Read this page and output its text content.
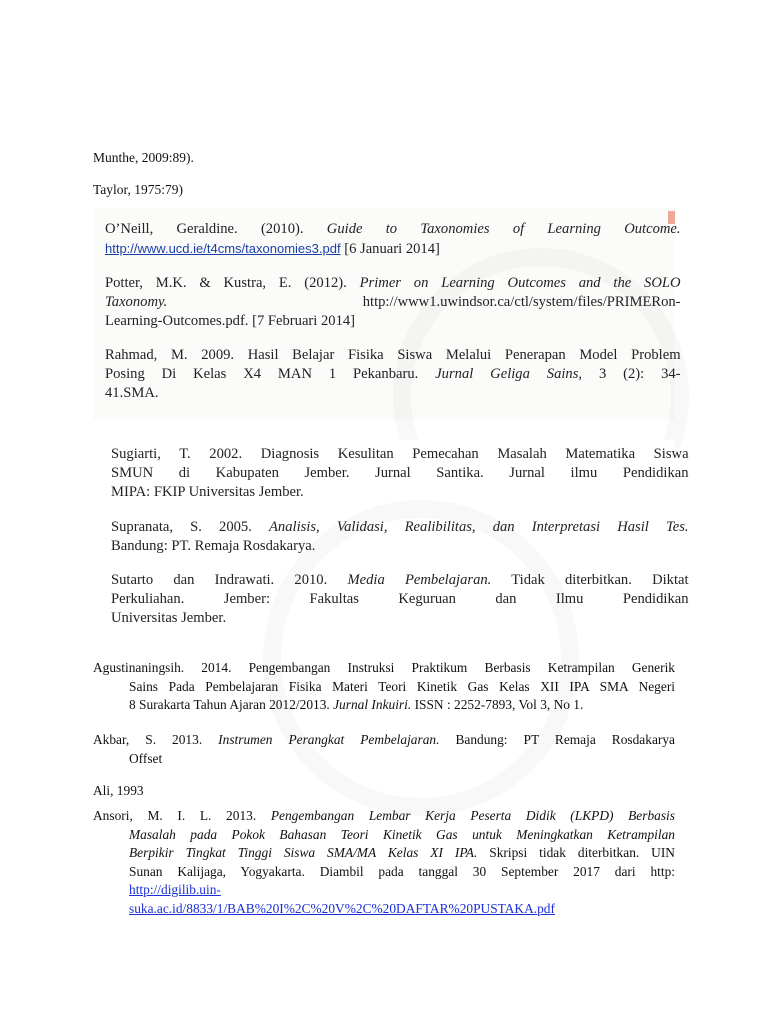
Munthe, 2009:89).
Taylor, 1975:79)
O’Neill, Geraldine. (2010). Guide to Taxonomies of Learning Outcome.
http://www.ucd.ie/t4cms/taxonomies3.pdf [6 Januari 2014]
Potter, M.K. & Kustra, E. (2012). Primer on Learning Outcomes and the SOLO
Taxonomy.	http://www1.uwindsor.ca/ctl/system/files/PRIMERon-
Learning-Outcomes.pdf. [7 Februari 2014]
Rahmad, M. 2009. Hasil Belajar Fisika Siswa Melalui Penerapan Model Problem
Posing Di Kelas X4 MAN 1 Pekanbaru. Jurnal Geliga Sains, 3 (2): 34-
41.SMA.
Sugiarti, T. 2002. Diagnosis Kesulitan Pemecahan Masalah Matematika Siswa
SMUN di Kabupaten Jember. Jurnal Santika. Jurnal ilmu Pendidikan
MIPA: FKIP Universitas Jember.
Supranata, S. 2005. Analisis, Validasi, Realibilitas, dan Interpretasi Hasil Tes.
Bandung: PT. Remaja Rosdakarya.
Sutarto dan Indrawati. 2010. Media Pembelajaran. Tidak diterbitkan. Diktat
Perkuliahan. Jember: Fakultas Keguruan dan Ilmu Pendidikan
Universitas Jember.
Agustinaningsih. 2014. Pengembangan Instruksi Praktikum Berbasis Ketrampilan Generik
Sains Pada Pembelajaran Fisika Materi Teori Kinetik Gas Kelas XII IPA SMA Negeri
8 Surakarta Tahun Ajaran 2012/2013. Jurnal Inkuiri. ISSN : 2252-7893, Vol 3, No 1.
Akbar, S. 2013. Instrumen Perangkat Pembelajaran. Bandung: PT Remaja Rosdakarya
Offset
Ali, 1993
Ansori, M. I. L. 2013. Pengembangan Lembar Kerja Peserta Didik (LKPD) Berbasis
Masalah pada Pokok Bahasan Teori Kinetik Gas untuk Meningkatkan Ketrampilan
Berpikir Tingkat Tinggi Siswa SMA/MA Kelas XI IPA. Skripsi tidak diterbitkan. UIN
Sunan Kalijaga, Yogyakarta. Diambil pada tanggal 30 September 2017 dari http:
http://digilib.uin-
suka.ac.id/8833/1/BAB%20I%2C%20V%2C%20DAFTAR%20PUSTAKA.pdf
